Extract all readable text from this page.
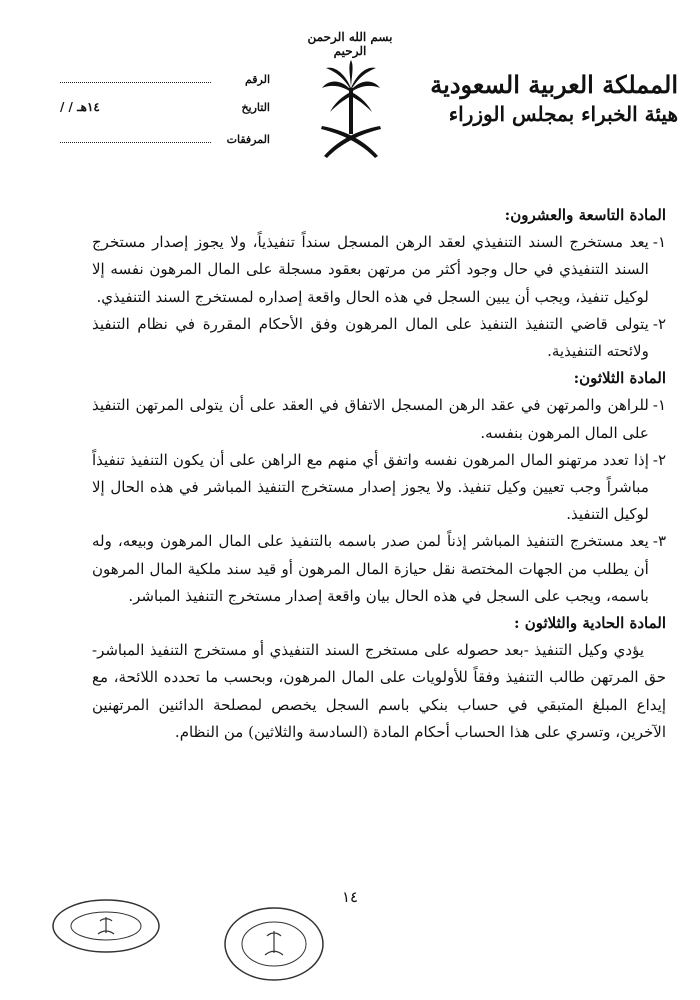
بسم الله الرحمن الرحيم
المملكة العربية السعودية
هيئة الخبراء بمجلس الوزراء
الرقم
التاريخ
/ / ١٤هـ
المرفقات
المادة التاسعة والعشرون:
١-
يعد مستخرج السند التنفيذي لعقد الرهن المسجل سنداً تنفيذياً، ولا يجوز إصدار مستخرج السند التنفيذي في حال وجود أكثر من مرتهن بعقود مسجلة على المال المرهون نفسه إلا لوكيل تنفيذ، ويجب أن يبين السجل في هذه الحال واقعة إصداره لمستخرج السند التنفيذي.
٢-
يتولى قاضي التنفيذ التنفيذ على المال المرهون وفق الأحكام المقررة في نظام التنفيذ ولائحته التنفيذية.
المادة الثلاثون:
١-
للراهن والمرتهن في عقد الرهن المسجل الاتفاق في العقد على أن يتولى المرتهن التنفيذ على المال المرهون بنفسه.
٢-
إذا تعدد مرتهنو المال المرهون نفسه واتفق أي منهم مع الراهن على أن يكون التنفيذ تنفيذاً مباشراً وجب تعيين وكيل تنفيذ. ولا يجوز إصدار مستخرج التنفيذ المباشر في هذه الحال إلا لوكيل التنفيذ.
٣-
يعد مستخرج التنفيذ المباشر إذناً لمن صدر باسمه بالتنفيذ على المال المرهون وبيعه، وله أن يطلب من الجهات المختصة نقل حيازة المال المرهون أو قيد سند ملكية المال المرهون باسمه، ويجب على السجل في هذه الحال بيان واقعة إصدار مستخرج التنفيذ المباشر.
المادة الحادية والثلاثون :

يؤدي وكيل التنفيذ -بعد حصوله على مستخرج السند التنفيذي أو مستخرج التنفيذ المباشر- حق المرتهن طالب التنفيذ وفقاً للأولويات على المال المرهون، وبحسب ما تحدده اللائحة، مع إيداع المبلغ المتبقي في حساب بنكي باسم السجل يخصص لمصلحة الدائنين المرتهنين الآخرين، وتسري على هذا الحساب أحكام المادة (السادسة والثلاثين) من النظام.

١٤
